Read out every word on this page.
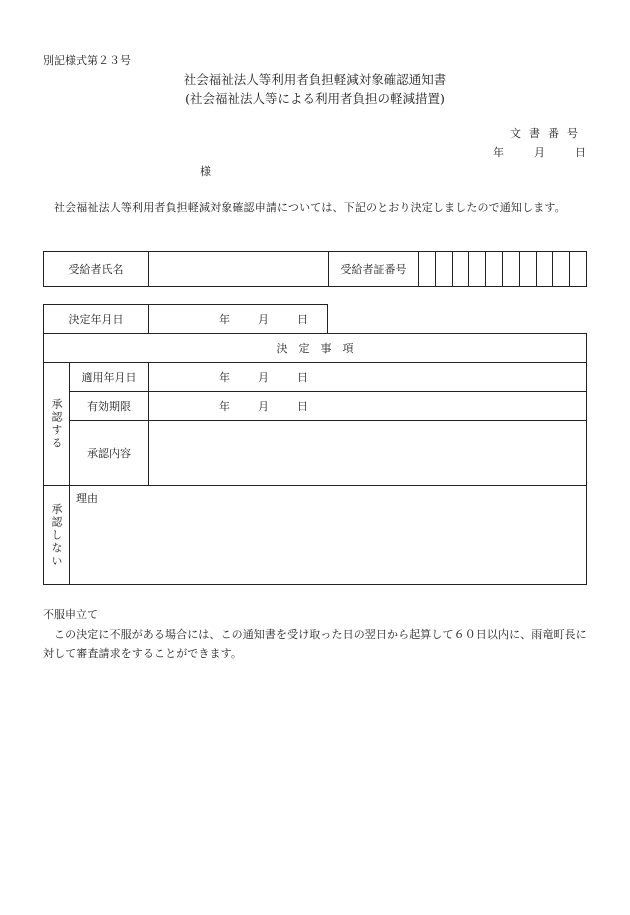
別記様式第２３号
社会福祉法人等利用者負担軽減対象確認通知書
(社会福祉法人等による利用者負担の軽減措置)
文書番号
年	月	日
様
社会福祉法人等利用者負担軽減対象確認申請については、下記のとおり決定しましたので通知します。
受給者氏名		受給者証番号										
決定年月日	年	月	日
決　定　事　項		

承認する	適用年月日	年 月 日
	有効期限	年 月 日
	承認内容	

承認しない	理由	
不服申立て
この決定に不服がある場合には、この通知書を受け取った日の翌日から起算して６０日以内に、雨竜町長に対して審査請求をすることができます。
